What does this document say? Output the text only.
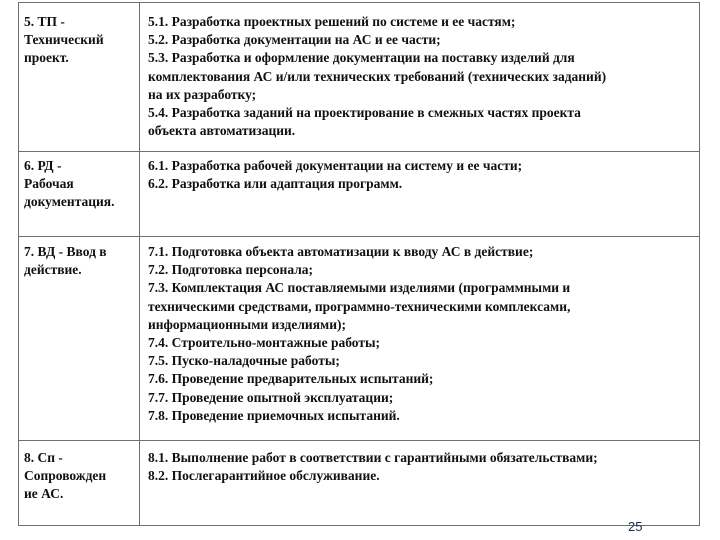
5. ТП -
Технический
проект.
5.1. Разработка проектных решений по системе и ее частям;
5.2. Разработка документации на АС и ее части;
5.3. Разработка и оформление документации на поставку изделий для
комплектования АС и/или технических требований (технических заданий)
на их разработку;
5.4. Разработка заданий на проектирование в смежных частях проекта
объекта автоматизации.
6. РД -
Рабочая
документация.
6.1. Разработка рабочей документации на систему и ее части;
6.2. Разработка или адаптация программ.
7. ВД - Ввод в
действие.
7.1. Подготовка объекта автоматизации к вводу АС в действие;
7.2. Подготовка персонала;
7.3. Комплектация АС поставляемыми изделиями (программными и
техническими средствами, программно-техническими комплексами,
информационными изделиями);
7.4. Строительно-монтажные работы;
7.5. Пуско-наладочные работы;
7.6. Проведение предварительных испытаний;
7.7. Проведение опытной эксплуатации;
7.8. Проведение приемочных испытаний.
8. Сп -
Сопровожден
ие АС.
8.1. Выполнение работ в соответствии с гарантийными обязательствами;
8.2. Послегарантийное обслуживание.
25
